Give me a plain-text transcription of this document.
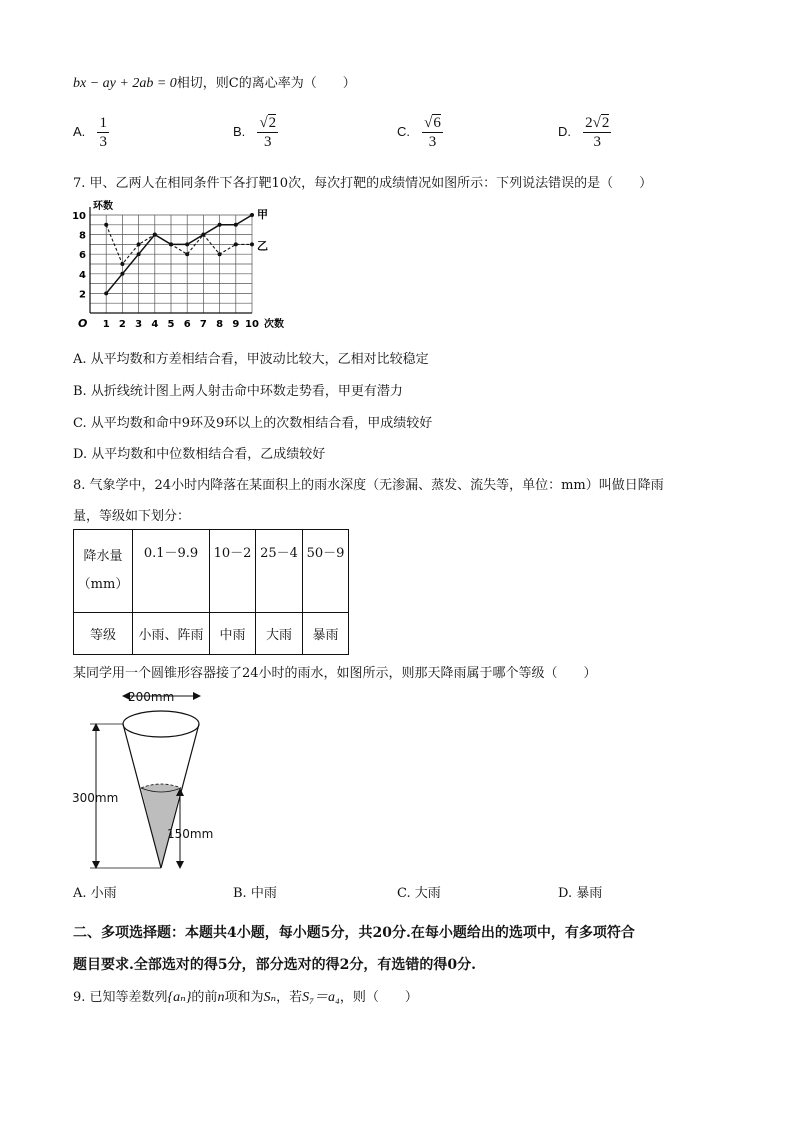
bx − ay + 2ab = 0相切，则C的离心率为（　　）
A. $\frac{1}{3}$	B. $\frac{√2}{3}$	C. $\frac{√6}{3}$	D. $\frac{2√2}{3}$
7. 甲、乙两人在相同条件下各打靶10次，每次打靶的成绩情况如图所示：下列说法错误的是（　　）
1 2 3 4 5 6 7 8 9 10
2
4
6
8
10
O
环数
次数
甲
乙
A. 从平均数和方差相结合看，甲波动比较大，乙相对比较稳定
B. 从折线统计图上两人射击命中环数走势看，甲更有潜力
C. 从平均数和命中9环及9环以上的次数相结合看，甲成绩较好
D. 从平均数和中位数相结合看，乙成绩较好
8. 气象学中，24小时内降落在某面积上的雨水深度（无渗漏、蒸发、流失等，单位：mm）叫做日降雨
量，等级如下划分：
降水量
（mm）	0.1－9.9	10－2	25－4	50－9
等级	小雨、阵雨	中雨	大雨	暴雨
某同学用一个圆锥形容器接了24小时的雨水，如图所示，则那天降雨属于哪个等级（　　）
200mm
300mm
150mm
A. 小雨	B. 中雨	C. 大雨	D. 暴雨
二、多项选择题：本题共4小题，每小题5分，共20分.在每小题给出的选项中，有多项符合
题目要求.全部选对的得5分，部分选对的得2分，有选错的得0分.
9. 已知等差数列{aₙ}的前n项和为Sₙ，若S₇＝a₄，则（　　）
